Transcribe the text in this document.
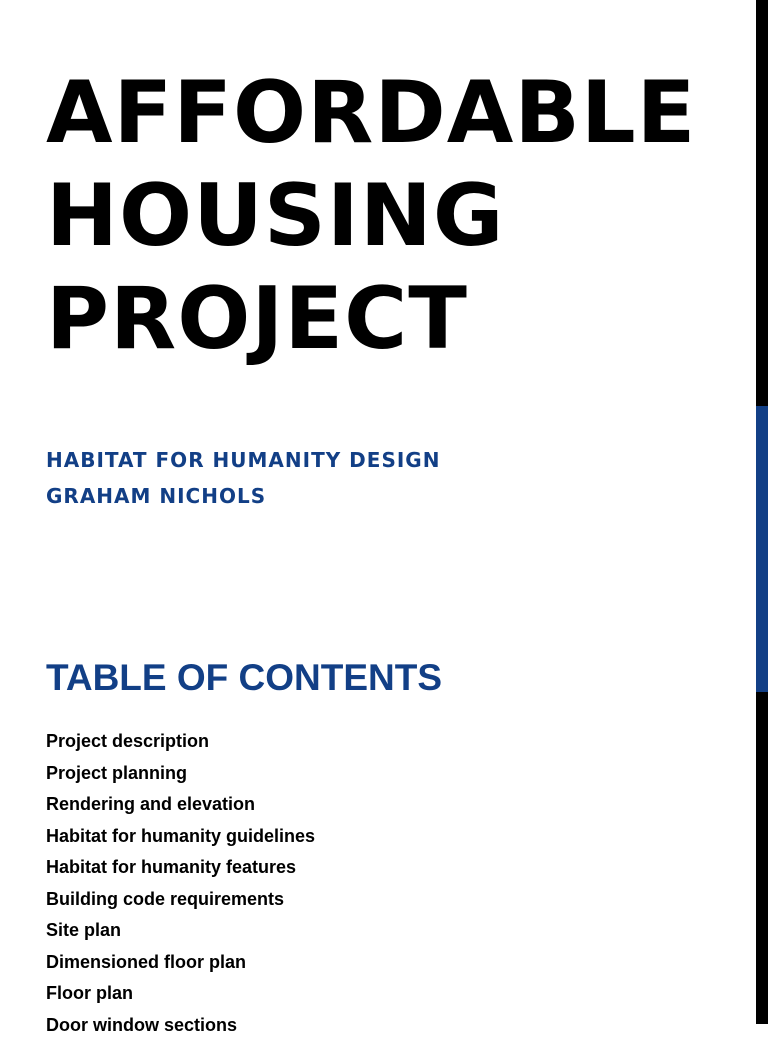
AFFORDABLE
HOUSING
PROJECT
HABITAT FOR HUMANITY DESIGN
GRAHAM NICHOLS
TABLE OF CONTENTS
Project description
Project planning
Rendering and elevation
Habitat for humanity guidelines
Habitat for humanity features
Building code requirements
Site plan
Dimensioned floor plan
Floor plan
Door window sections
